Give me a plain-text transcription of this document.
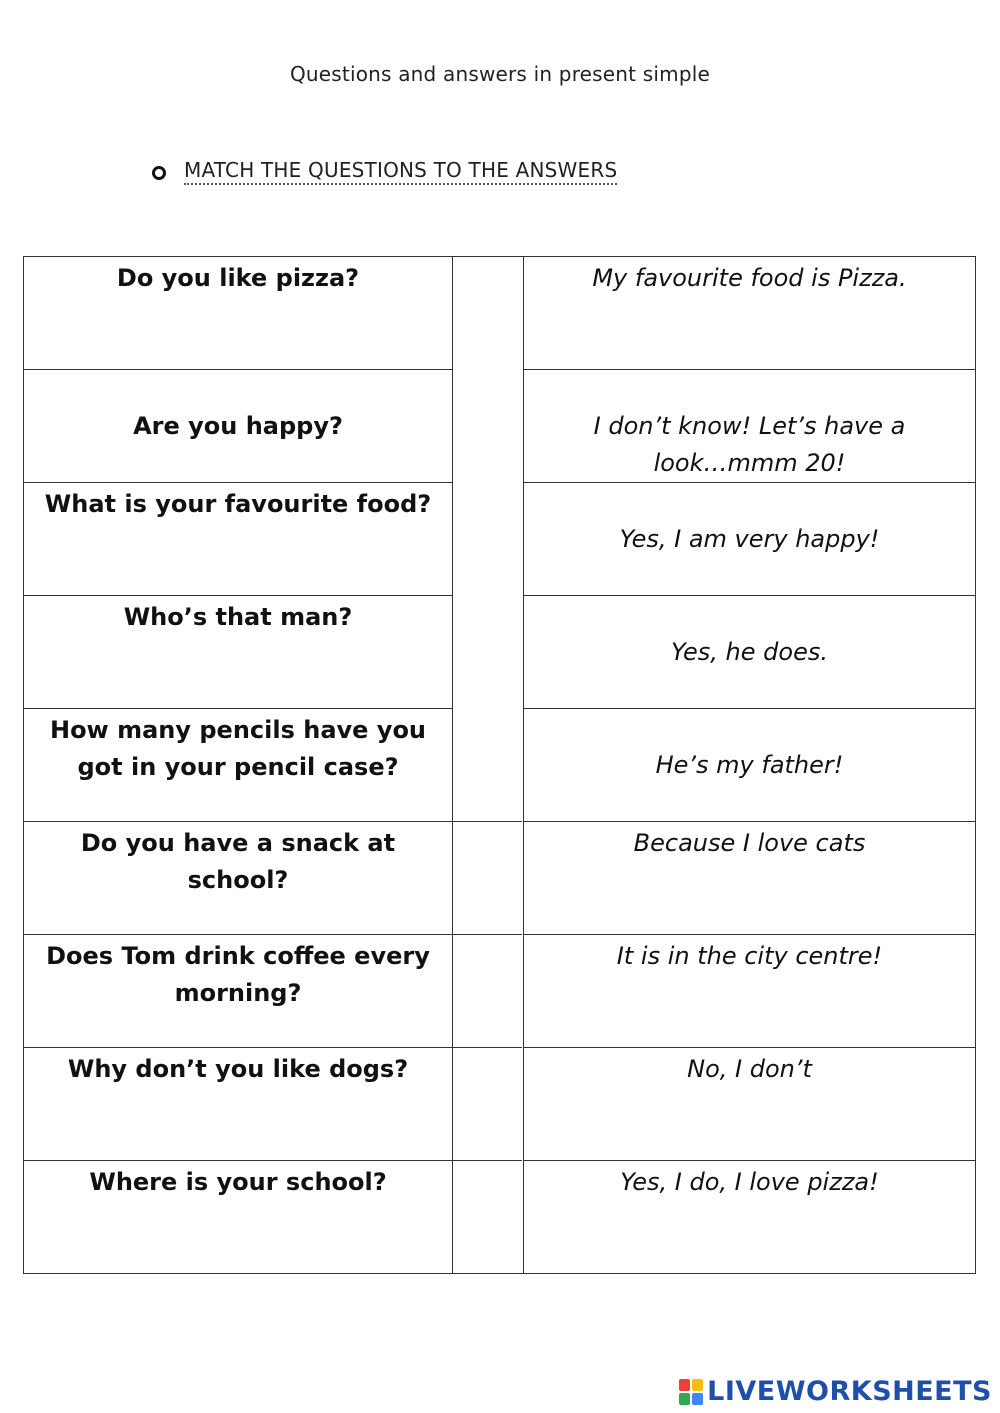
Questions and answers in present simple
MATCH THE QUESTIONS TO THE ANSWERS
Do you like pizza?
Are you happy?
What is your favourite food?
Who’s that man?
How many pencils have you got in your pencil case?
Do you have a snack at school?
Does Tom drink coffee every morning?
Why don’t you like dogs?
Where is your school?
My favourite food is Pizza.
I don’t know! Let’s have a look…mmm 20!
Yes, I am very happy!
Yes, he does.
He’s my father!
Because I love cats
It is in the city centre!
No, I don’t
Yes, I do, I love pizza!
LIVEWORKSHEETS
